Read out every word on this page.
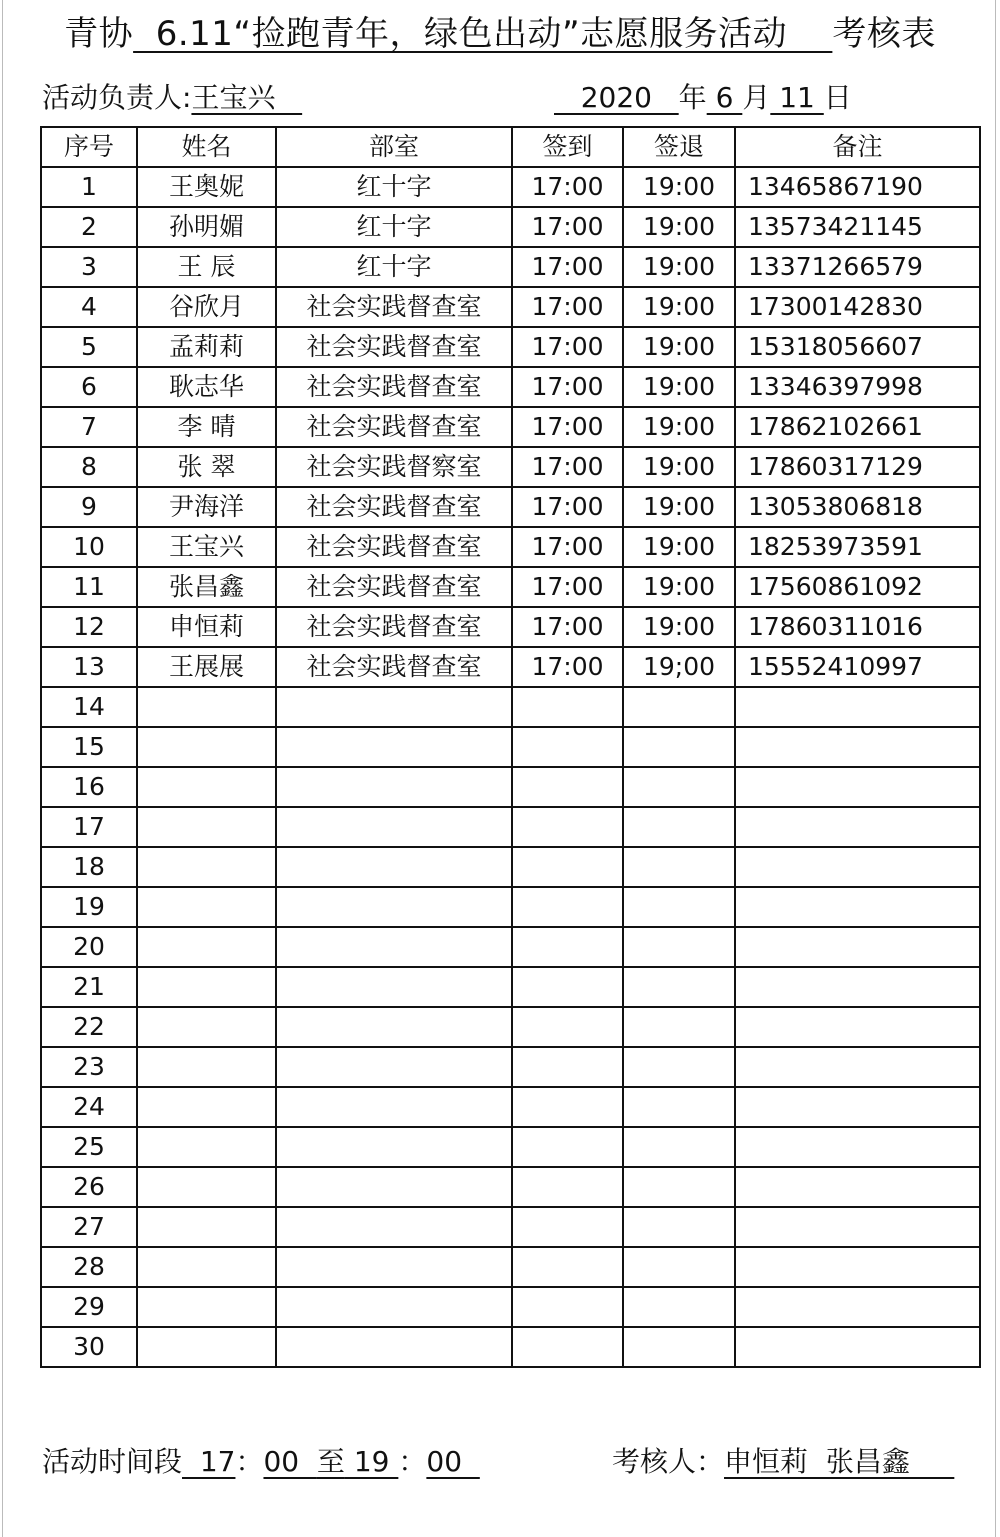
青协  6.11“捡跑青年，绿色出动”志愿服务活动    考核表
活动负责人:王宝兴	2020   年 6 月 11 日
序号	姓名	部室	签到	签退	备注
1	王奥妮	红十字	17:00	19:00	13465867190
2	孙明媚	红十字	17:00	19:00	13573421145
3	王 辰	红十字	17:00	19:00	13371266579
4	谷欣月	社会实践督查室	17:00	19:00	17300142830
5	孟莉莉	社会实践督查室	17:00	19:00	15318056607
6	耿志华	社会实践督查室	17:00	19:00	13346397998
7	李 晴	社会实践督查室	17:00	19:00	17862102661
8	张 翠	社会实践督察室	17:00	19:00	17860317129
9	尹海洋	社会实践督查室	17:00	19:00	13053806818
10	王宝兴	社会实践督查室	17:00	19:00	18253973591
11	张昌鑫	社会实践督查室	17:00	19:00	17560861092
12	申恒莉	社会实践督查室	17:00	19:00	17860311016
13	王展展	社会实践督查室	17:00	19;00	15552410997
14					
15					
16					
17					
18					
19					
20					
21					
22					
23					
24					
25					
26					
27					
28					
29					
30					
活动时间段  17：00  至 19 ：00	考核人：申恒莉  张昌鑫
